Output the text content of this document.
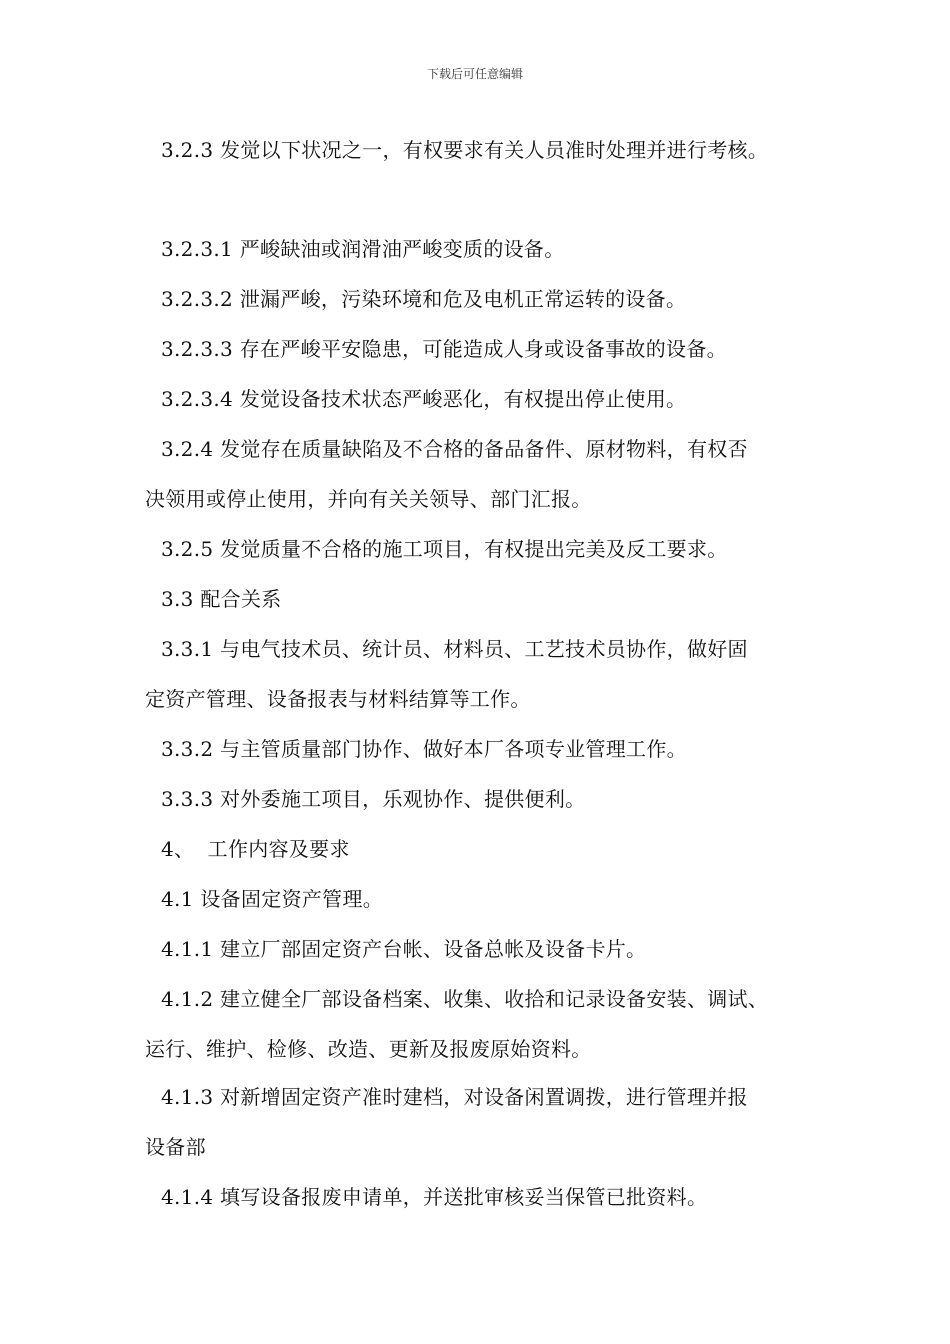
下载后可任意编辑
3.2.3 发觉以下状况之一，有权要求有关人员准时处理并进行考核。
3.2.3.1 严峻缺油或润滑油严峻变质的设备。
3.2.3.2 泄漏严峻，污染环境和危及电机正常运转的设备。
3.2.3.3 存在严峻平安隐患，可能造成人身或设备事故的设备。
3.2.3.4 发觉设备技术状态严峻恶化，有权提出停止使用。
3.2.4 发觉存在质量缺陷及不合格的备品备件、原材物料，有权否
决领用或停止使用，并向有关关领导、部门汇报。
3.2.5 发觉质量不合格的施工项目，有权提出完美及反工要求。
3.3 配合关系
3.3.1 与电气技术员、统计员、材料员、工艺技术员协作，做好固
定资产管理、设备报表与材料结算等工作。
3.3.2 与主管质量部门协作、做好本厂各项专业管理工作。
3.3.3 对外委施工项目，乐观协作、提供便利。
4、  工作内容及要求
4.1 设备固定资产管理。
4.1.1 建立厂部固定资产台帐、设备总帐及设备卡片。
4.1.2 建立健全厂部设备档案、收集、收拾和记录设备安装、调试、
运行、维护、检修、改造、更新及报废原始资料。
4.1.3 对新增固定资产准时建档，对设备闲置调拨，进行管理并报
设备部
4.1.4 填写设备报废申请单，并送批审核妥当保管已批资料。
